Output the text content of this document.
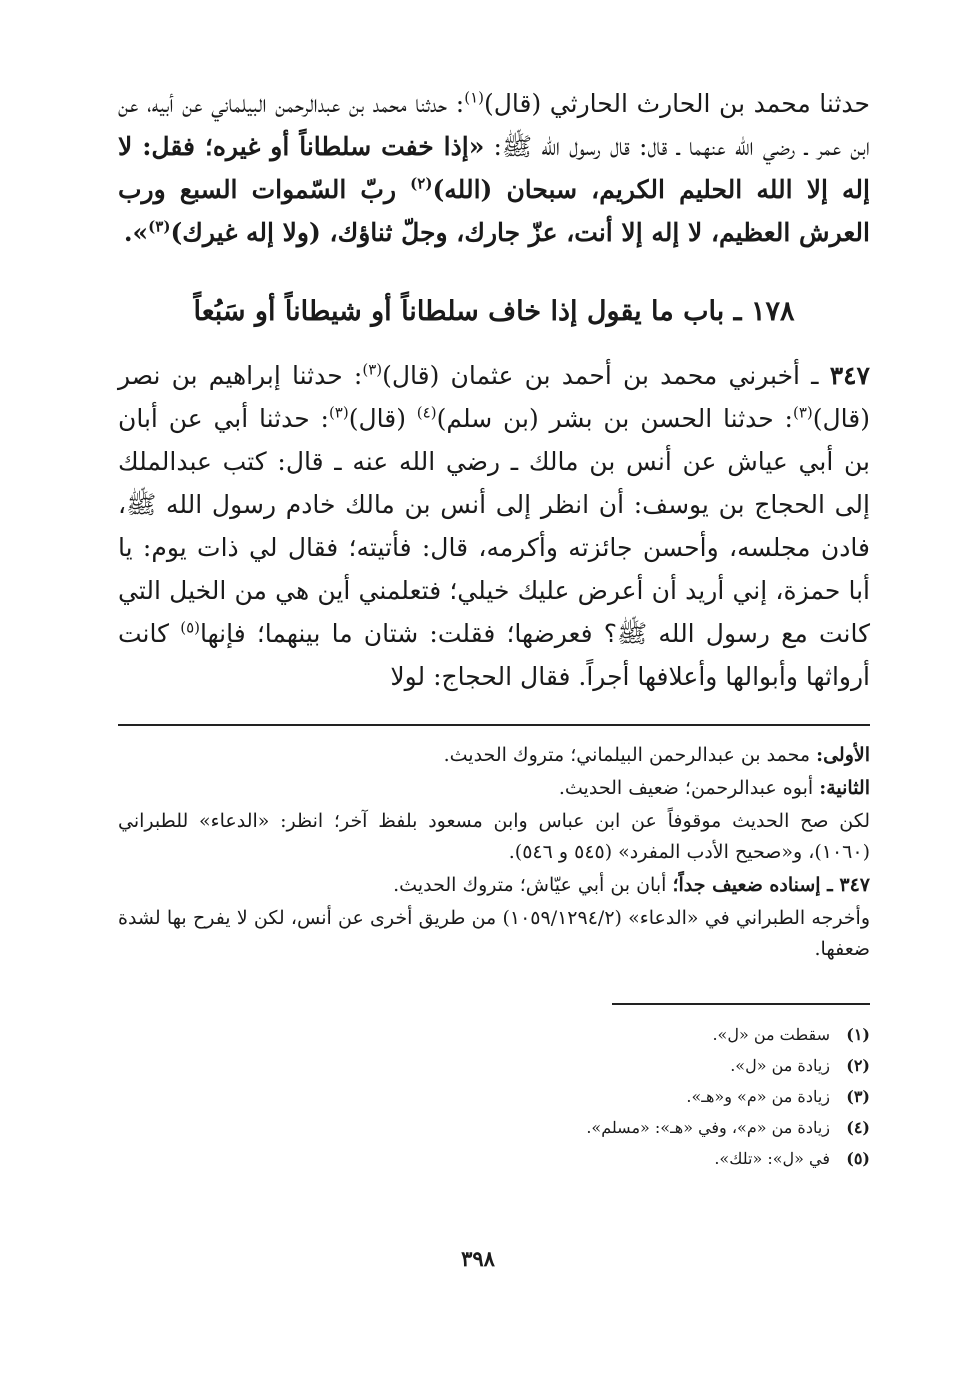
حدثنا محمد بن الحارث الحارثي (قال)$^{(١)}$: حدثنا محمد بن عبدالرحمن البيلماني عن أبيه، عن ابن عمر ـ رضي الله عنهما ـ قال: قال رسول الله ﷺ: «إذا خفت سلطاناً أو غيره؛ فقل: لا إله إلا الله الحليم الكريم، سبحان (الله)$^{(٢)}$ ربّ السّموات السبع ورب العرش العظيم، لا إله إلا أنت، عزّ جارك، وجلّ ثناؤك، (ولا إله غيرك)$^{(٣)}$».

١٧٨ ـ باب ما يقول إذا خاف سلطاناً أو شيطاناً أو سَبُعاً

٣٤٧ ـ أخبرني محمد بن أحمد بن عثمان (قال)$^{(٣)}$: حدثنا إبراهيم بن نصر (قال)$^{(٣)}$: حدثنا الحسن بن بشر (بن سلم)$^{(٤)}$ (قال)$^{(٣)}$: حدثنا أبي عن أبان بن أبي عياش عن أنس بن مالك ـ رضي الله عنه ـ قال: كتب عبدالملك إلى الحجاج بن يوسف: أن انظر إلى أنس بن مالك خادم رسول الله ﷺ، فادن مجلسه، وأحسن جائزته وأكرمه، قال: فأتيته؛ فقال لي ذات يوم: يا أبا حمزة، إني أريد أن أعرض عليك خيلي؛ فتعلمني أين هي من الخيل التي كانت مع رسول الله ﷺ؟ فعرضها؛ فقلت: شتان ما بينهما؛ فإنها$^{(٥)}$ كانت أرواثها وأبوالها وأعلافها أجراً. فقال الحجاج: لولا

الأولى: محمد بن عبدالرحمن البيلماني؛ متروك الحديث.

الثانية: أبوه عبدالرحمن؛ ضعيف الحديث.

لكن صح الحديث موقوفاً عن ابن عباس وابن مسعود بلفظ آخر؛ انظر: «الدعاء» للطبراني (١٠٦٠)، و«صحيح الأدب المفرد» (٥٤٥ و ٥٤٦).

٣٤٧ ـ إسناده ضعيف جداً؛ أبان بن أبي عيّاش؛ متروك الحديث.

وأخرجه الطبراني في «الدعاء» (١٠٥٩/١٢٩٤/٢) من طريق أخرى عن أنس، لكن لا يفرح بها لشدة ضعفها.

(١)
سقطت من «ل».
(٢)
زيادة من «ل».
(٣)
زيادة من «م» و«هـ».
(٤)
زيادة من «م»، وفي «هـ»: «مسلم».
(٥)
في «ل»: «تلك».
٣٩٨
